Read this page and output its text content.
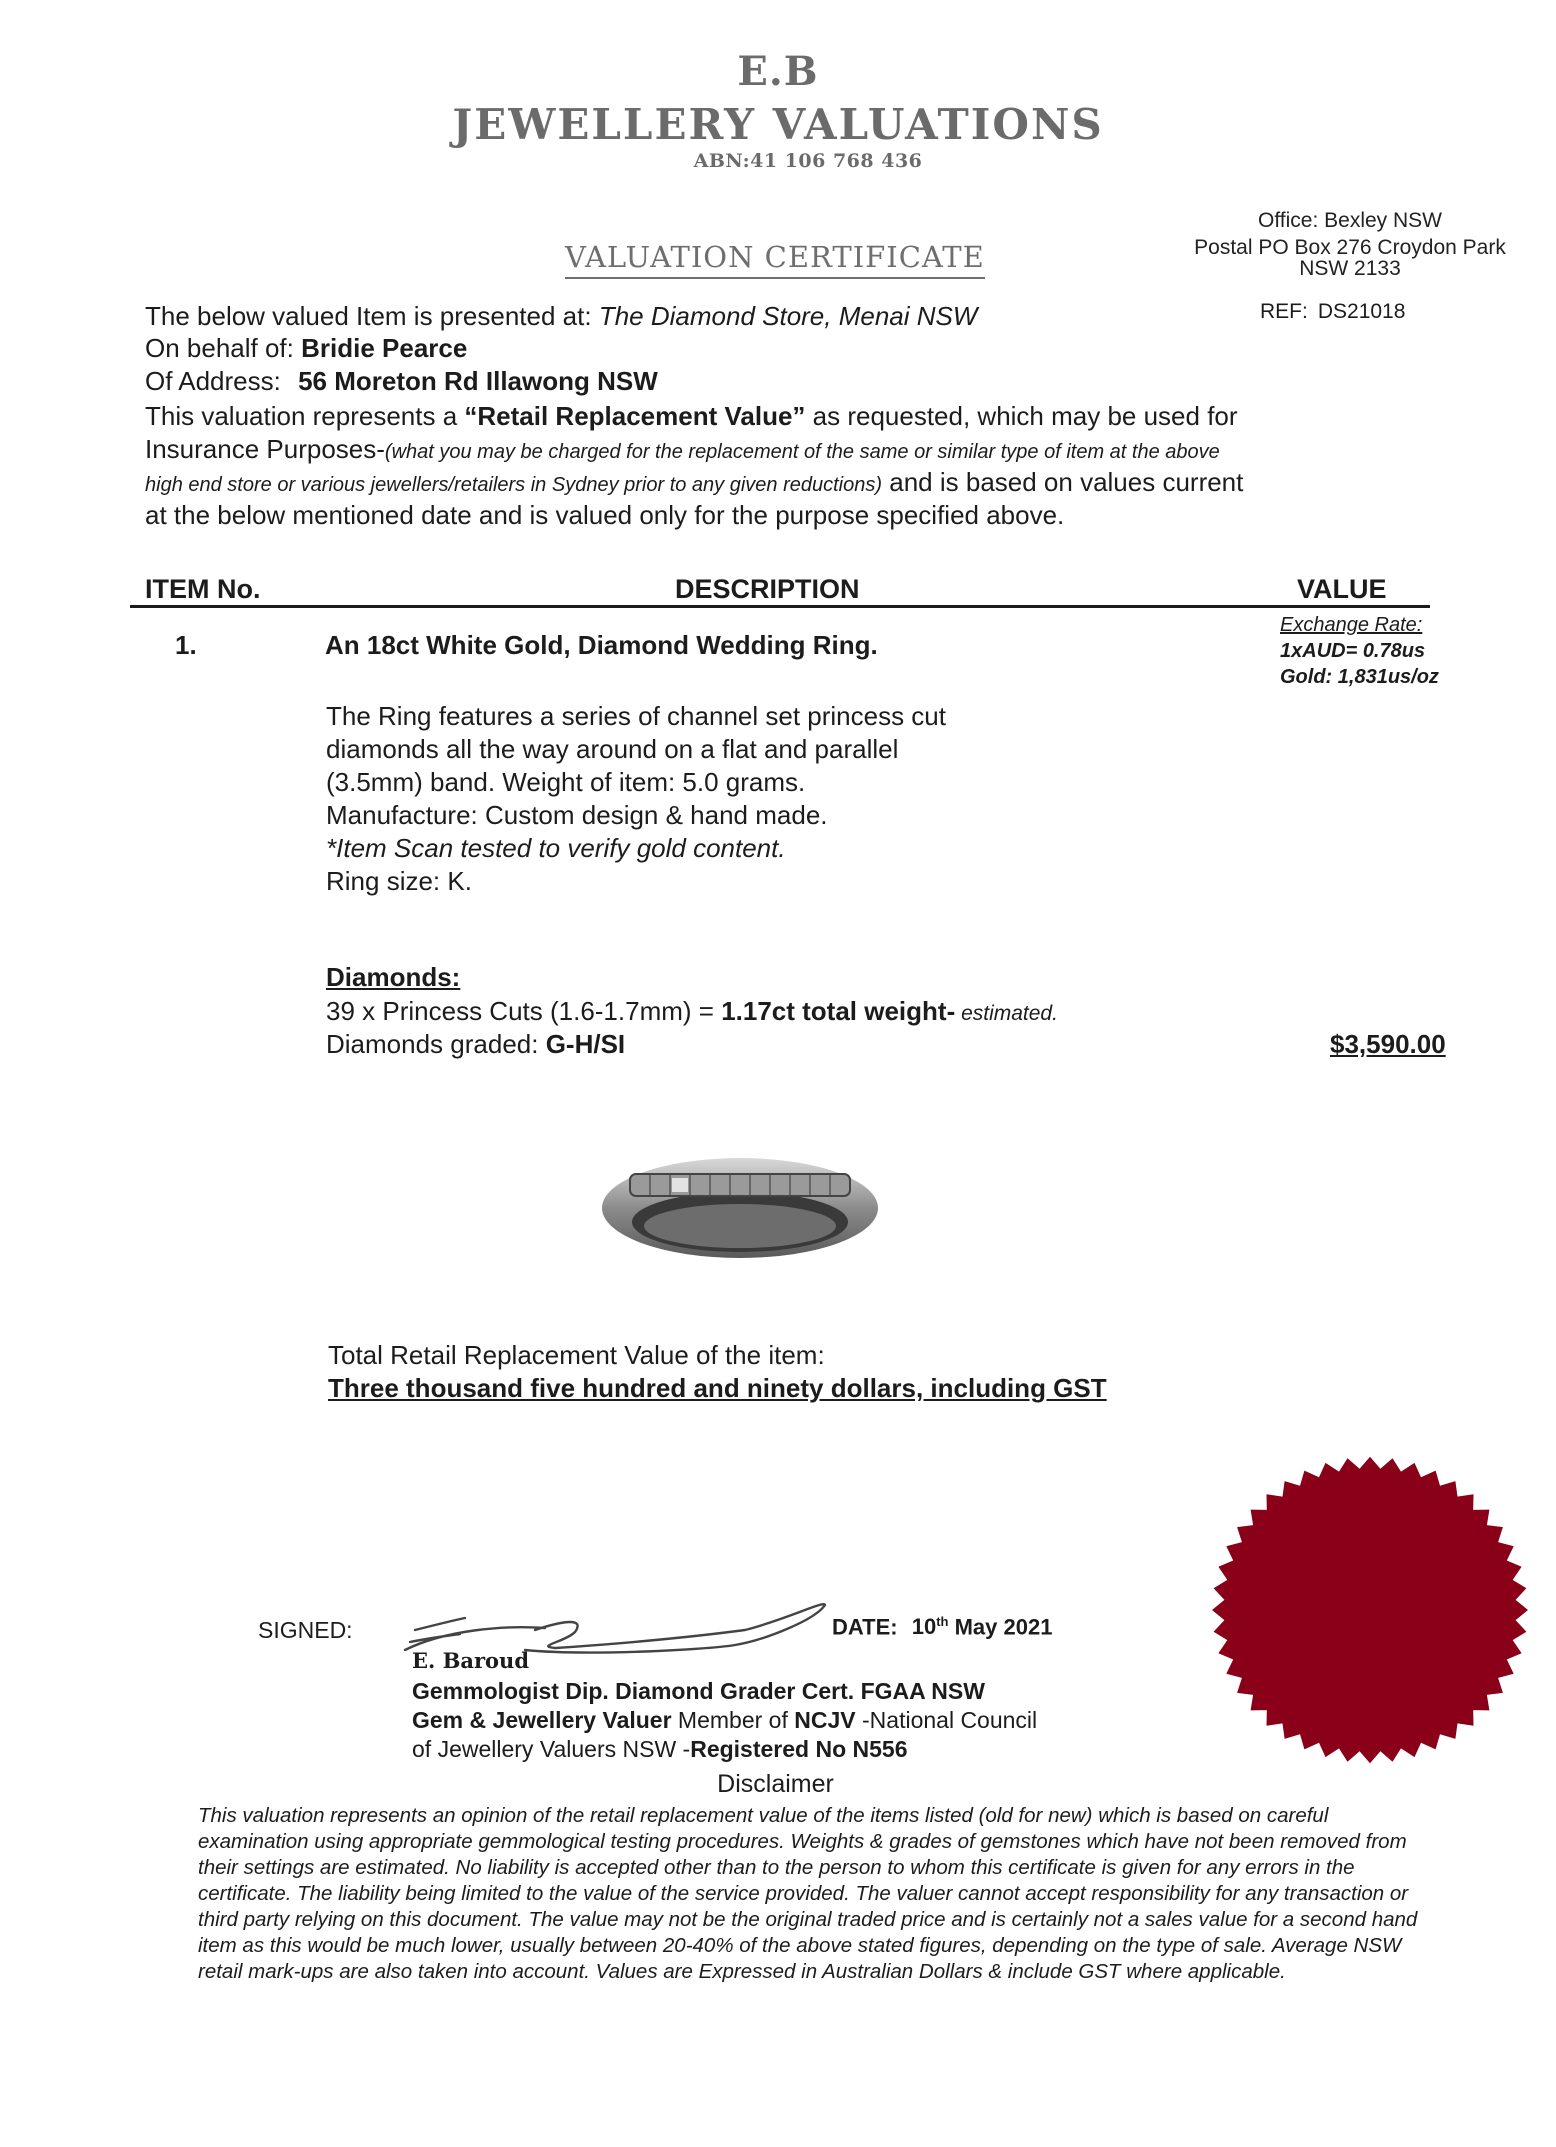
E.B
JEWELLERY VALUATIONS
ABN:41 106 768 436
VALUATION CERTIFICATE
Office: Bexley NSW
Postal PO Box 276 Croydon Park
NSW 2133
REF: DS21018
The below valued Item is presented at: The Diamond Store, Menai NSW
On behalf of: Bridie Pearce
Of Address: 56 Moreton Rd Illawong NSW
This valuation represents a “Retail Replacement Value” as requested, which may be used for
Insurance Purposes-(what you may be charged for the replacement of the same or similar type of item at the above
high end store or various jewellers/retailers in Sydney prior to any given reductions) and is based on values current
at the below mentioned date and is valued only for the purpose specified above.
ITEM No.	DESCRIPTION	VALUE
1.	An 18ct White Gold, Diamond Wedding Ring.
Exchange Rate:
1xAUD= 0.78us
Gold: 1,831us/oz
The Ring features a series of channel set princess cut
diamonds all the way around on a flat and parallel
(3.5mm) band. Weight of item: 5.0 grams.
Manufacture: Custom design & hand made.
*Item Scan tested to verify gold content.
Ring size: K.
Diamonds:
39 x Princess Cuts (1.6-1.7mm) = 1.17ct total weight- estimated.
Diamonds graded: G-H/SI	$3,590.00
Total Retail Replacement Value of the item:
Three thousand five hundred and ninety dollars, including GST
SIGNED:	DATE: 10th May 2021
E. Baroud
Gemmologist Dip. Diamond Grader Cert. FGAA NSW
Gem & Jewellery Valuer Member of NCJV -National Council
of Jewellery Valuers NSW -Registered No N556
Disclaimer
This valuation represents an opinion of the retail replacement value of the items listed (old for new) which is based on careful examination using appropriate gemmological testing procedures. Weights & grades of gemstones which have not been removed from their settings are estimated. No liability is accepted other than to the person to whom this certificate is given for any errors in the certificate. The liability being limited to the value of the service provided. The valuer cannot accept responsibility for any transaction or third party relying on this document. The value may not be the original traded price and is certainly not a sales value for a second hand item as this would be much lower, usually between 20-40% of the above stated figures, depending on the type of sale. Average NSW retail mark-ups are also taken into account. Values are Expressed in Australian Dollars & include GST where applicable.
